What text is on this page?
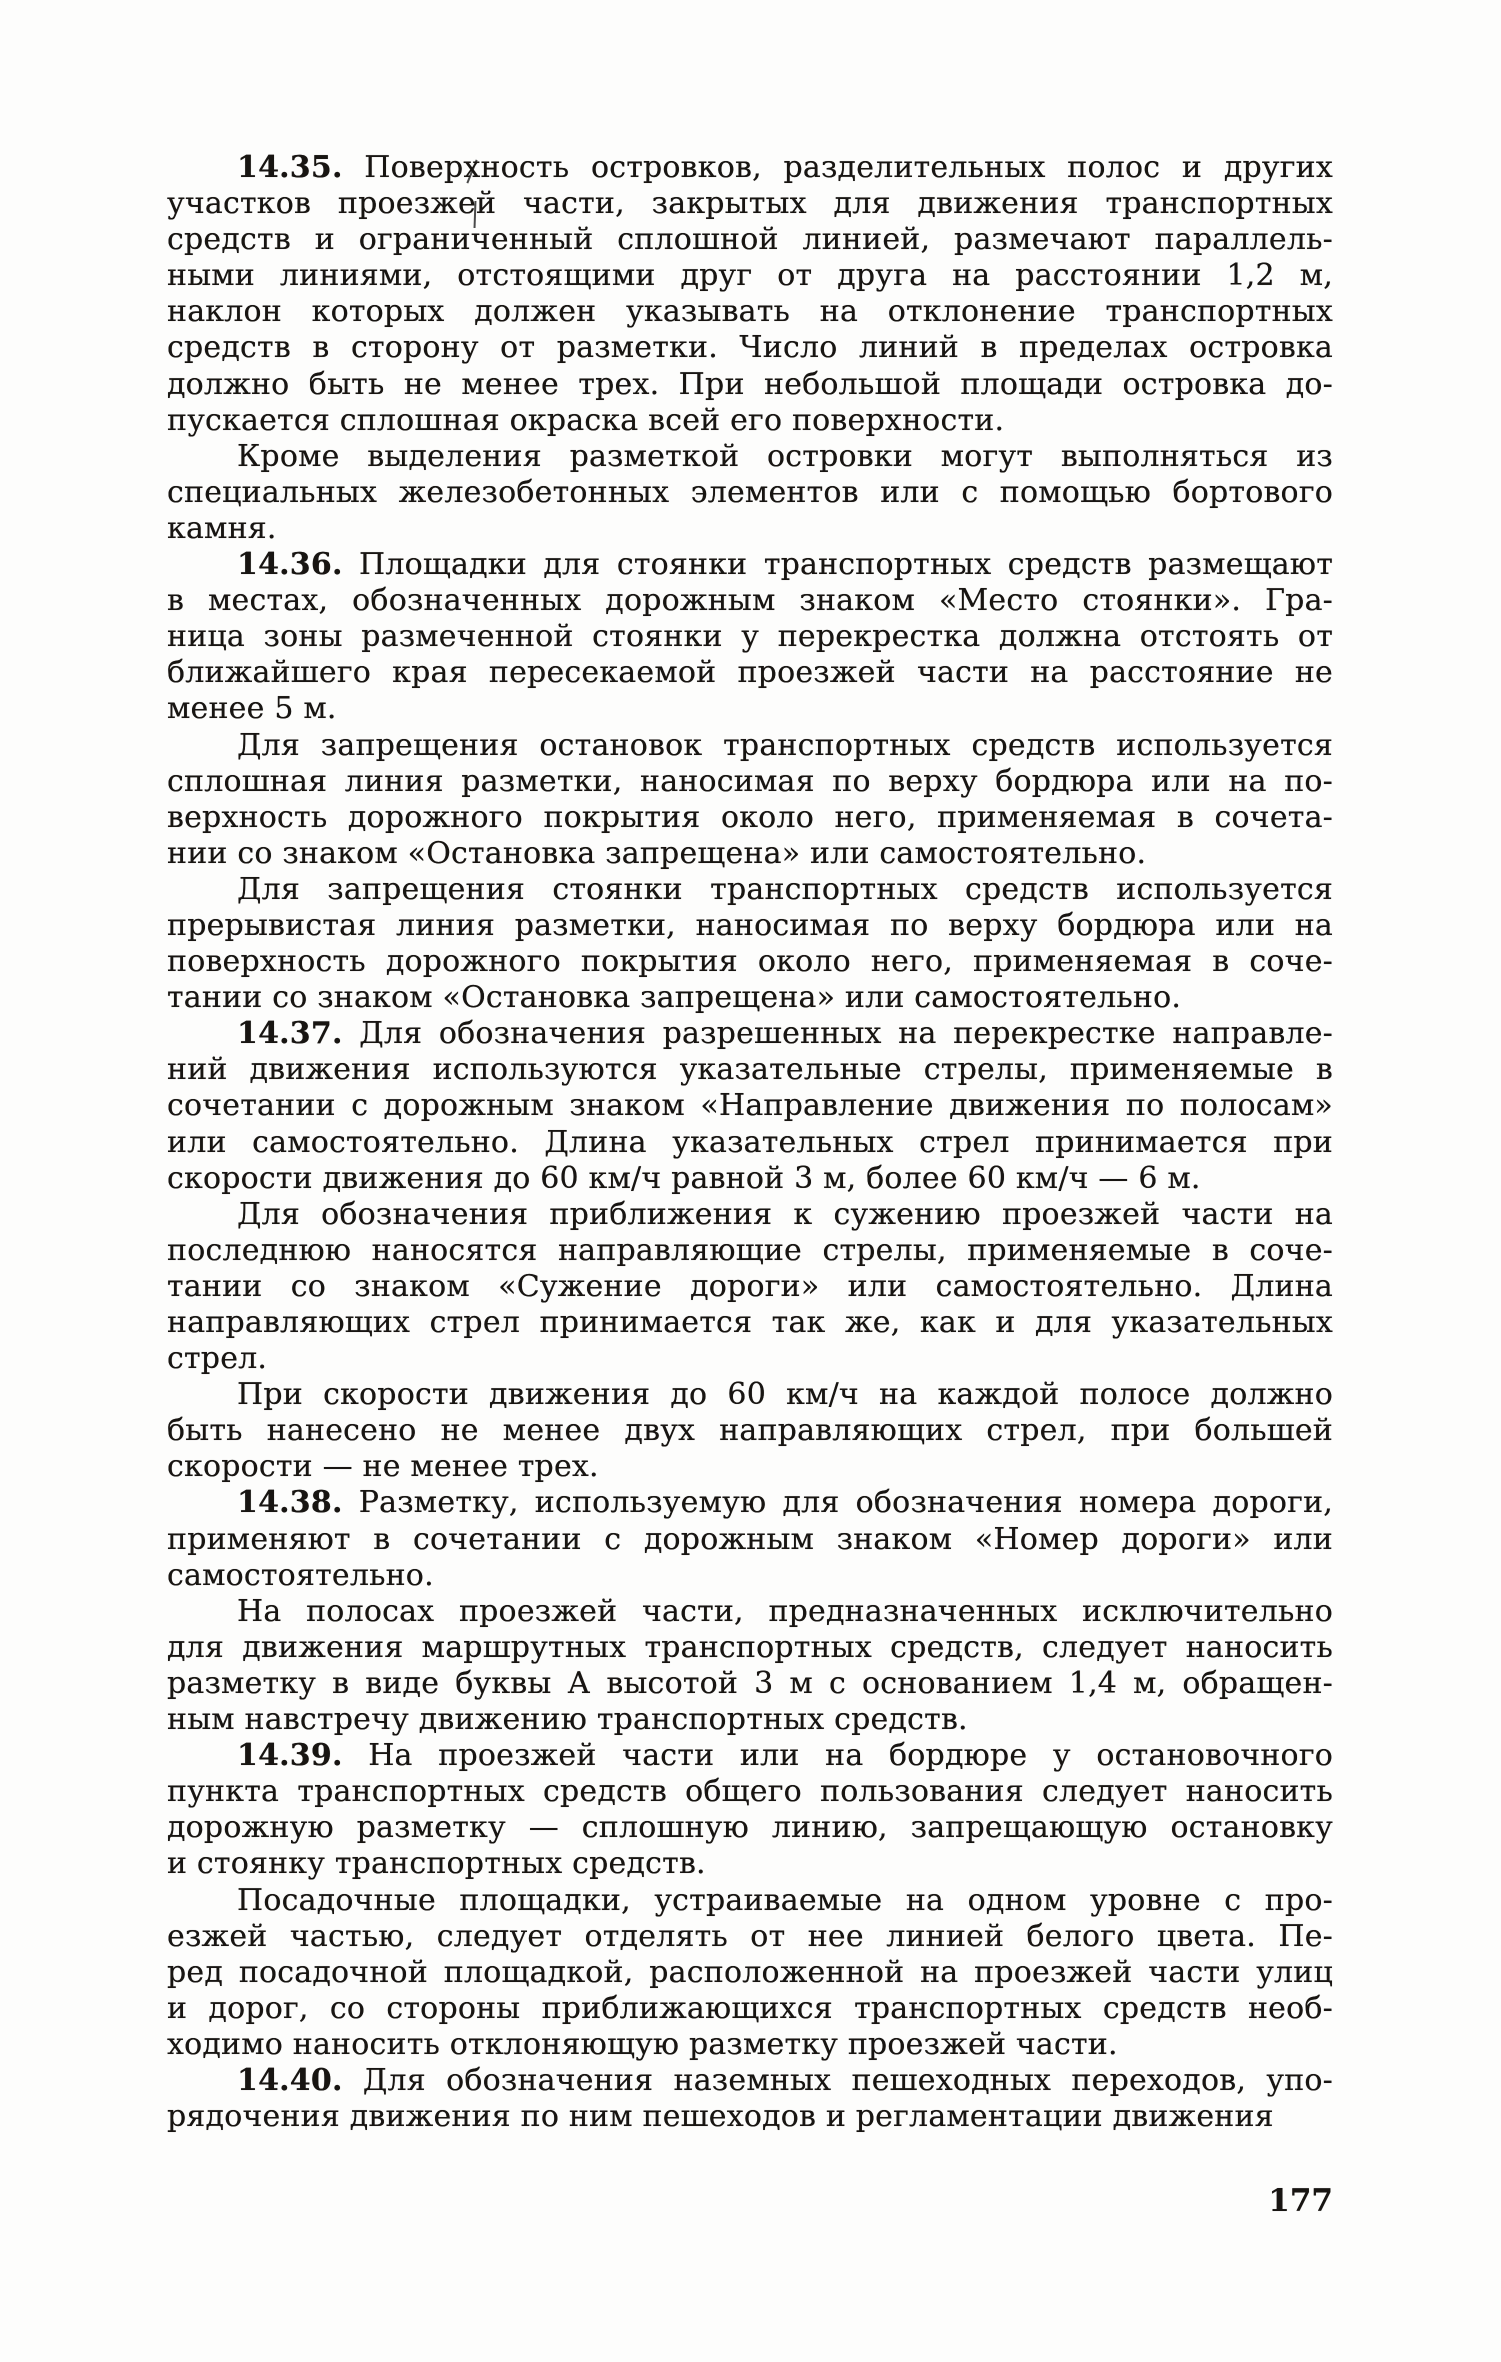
14.35. Поверхность островков, разделительных полос и других
участков проезжей части, закрытых для движения транспортных
средств и ограниченный сплошной линией, размечают параллель-
ными линиями, отстоящими друг от друга на расстоянии 1,2 м,
наклон которых должен указывать на отклонение транспортных
средств в сторону от разметки. Число линий в пределах островка
должно быть не менее трех. При небольшой площади островка до-
пускается сплошная окраска всей его поверхности.
Кроме выделения разметкой островки могут выполняться из
специальных железобетонных элементов или с помощью бортового
камня.
14.36. Площадки для стоянки транспортных средств размещают
в местах, обозначенных дорожным знаком «Место стоянки». Гра-
ница зоны размеченной стоянки у перекрестка должна отстоять от
ближайшего края пересекаемой проезжей части на расстояние не
менее 5 м.
Для запрещения остановок транспортных средств используется
сплошная линия разметки, наносимая по верху бордюра или на по-
верхность дорожного покрытия около него, применяемая в сочета-
нии со знаком «Остановка запрещена» или самостоятельно.
Для запрещения стоянки транспортных средств используется
прерывистая линия разметки, наносимая по верху бордюра или на
поверхность дорожного покрытия около него, применяемая в соче-
тании со знаком «Остановка запрещена» или самостоятельно.
14.37. Для обозначения разрешенных на перекрестке направле-
ний движения используются указательные стрелы, применяемые в
сочетании с дорожным знаком «Направление движения по полосам»
или самостоятельно. Длина указательных стрел принимается при
скорости движения до 60 км/ч равной 3 м, более 60 км/ч — 6 м.
Для обозначения приближения к сужению проезжей части на
последнюю наносятся направляющие стрелы, применяемые в соче-
тании со знаком «Сужение дороги» или самостоятельно. Длина
направляющих стрел принимается так же, как и для указательных
стрел.
При скорости движения до 60 км/ч на каждой полосе должно
быть нанесено не менее двух направляющих стрел, при большей
скорости — не менее трех.
14.38. Разметку, используемую для обозначения номера дороги,
применяют в сочетании с дорожным знаком «Номер дороги» или
самостоятельно.
На полосах проезжей части, предназначенных исключительно
для движения маршрутных транспортных средств, следует наносить
разметку в виде буквы А высотой 3 м с основанием 1,4 м, обращен-
ным навстречу движению транспортных средств.
14.39. На проезжей части или на бордюре у остановочного
пункта транспортных средств общего пользования следует наносить
дорожную разметку — сплошную линию, запрещающую остановку
и стоянку транспортных средств.
Посадочные площадки, устраиваемые на одном уровне с про-
езжей частью, следует отделять от нее линией белого цвета. Пе-
ред посадочной площадкой, расположенной на проезжей части улиц
и дорог, со стороны приближающихся транспортных средств необ-
ходимо наносить отклоняющую разметку проезжей части.
14.40. Для обозначения наземных пешеходных переходов, упо-
рядочения движения по ним пешеходов и регламентации движения
177
